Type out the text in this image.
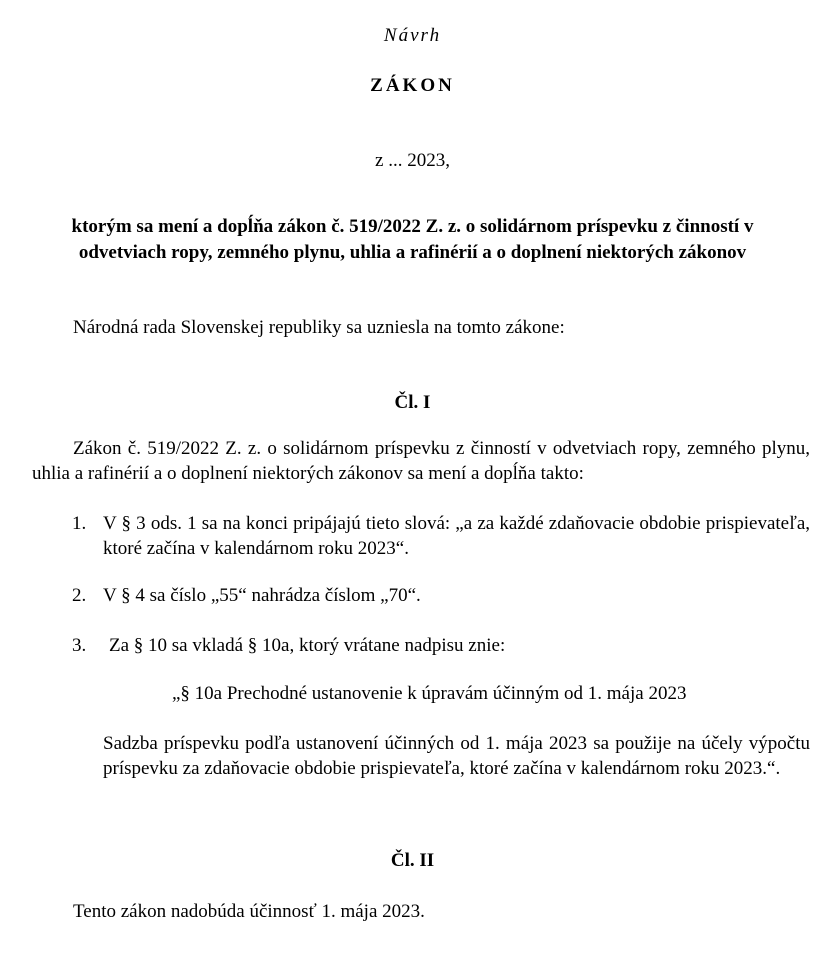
Návrh
ZÁKON
z ... 2023,
ktorým sa mení a dopĺňa zákon č. 519/2022 Z. z. o solidárnom príspevku z činností v
odvetviach ropy, zemného plynu, uhlia a rafinérií a o doplnení niektorých zákonov
Národná rada Slovenskej republiky sa uzniesla na tomto zákone:
Čl. I
Zákon č. 519/2022 Z. z. o solidárnom príspevku z činností v odvetviach ropy, zemného plynu, uhlia a rafinérií a o doplnení niektorých zákonov sa mení a dopĺňa takto:
1. V § 3 ods. 1 sa na konci pripájajú tieto slová: „a za každé zdaňovacie obdobie prispievateľa, ktoré začína v kalendárnom roku 2023“.
2. V § 4 sa číslo „55“ nahrádza číslom „70“.
3. Za § 10 sa vkladá § 10a, ktorý vrátane nadpisu znie:
„§ 10a Prechodné ustanovenie k úpravám účinným od 1. mája 2023
Sadzba príspevku podľa ustanovení účinných od 1. mája 2023 sa použije na účely výpočtu príspevku za zdaňovacie obdobie prispievateľa, ktoré začína v kalendárnom roku 2023.“.
Čl. II
Tento zákon nadobúda účinnosť 1. mája 2023.
